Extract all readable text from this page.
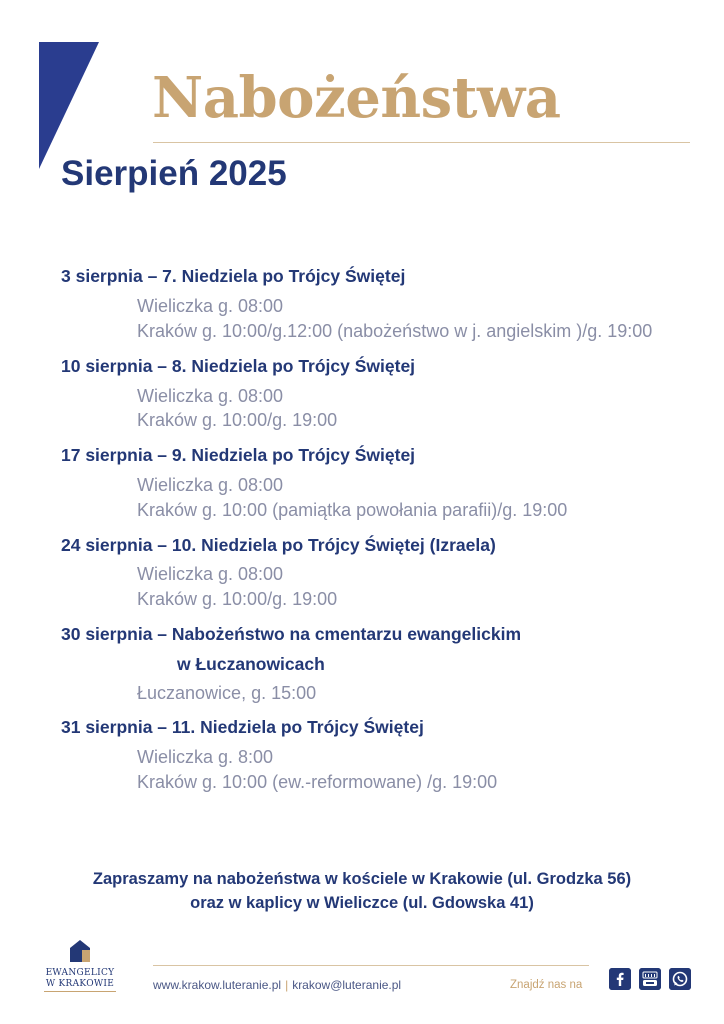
Nabożeństwa
Sierpień 2025
3 sierpnia – 7. Niedziela po Trójcy Świętej
Wieliczka g. 08:00
Kraków g. 10:00/g.12:00 (nabożeństwo w j. angielskim )/g. 19:00
10 sierpnia – 8. Niedziela po Trójcy Świętej
Wieliczka g. 08:00
Kraków g. 10:00/g. 19:00
17 sierpnia – 9. Niedziela po Trójcy Świętej
Wieliczka g. 08:00
Kraków g. 10:00 (pamiątka powołania parafii)/g. 19:00
24 sierpnia – 10. Niedziela po Trójcy Świętej (Izraela)
Wieliczka g. 08:00
Kraków g. 10:00/g. 19:00
30 sierpnia – Nabożeństwo na cmentarzu ewangelickim
w Łuczanowicach
Łuczanowice, g. 15:00
31 sierpnia – 11. Niedziela po Trójcy Świętej
Wieliczka g. 8:00
Kraków g. 10:00 (ew.-reformowane) /g. 19:00
Zapraszamy na nabożeństwa w kościele w Krakowie (ul. Grodzka 56)
oraz w kaplicy w Wieliczce (ul. Gdowska 41)
EWANGELICY
W KRAKOWIE	www.krakow.luteranie.pl | krakow@luteranie.pl	Znajdź nas na
